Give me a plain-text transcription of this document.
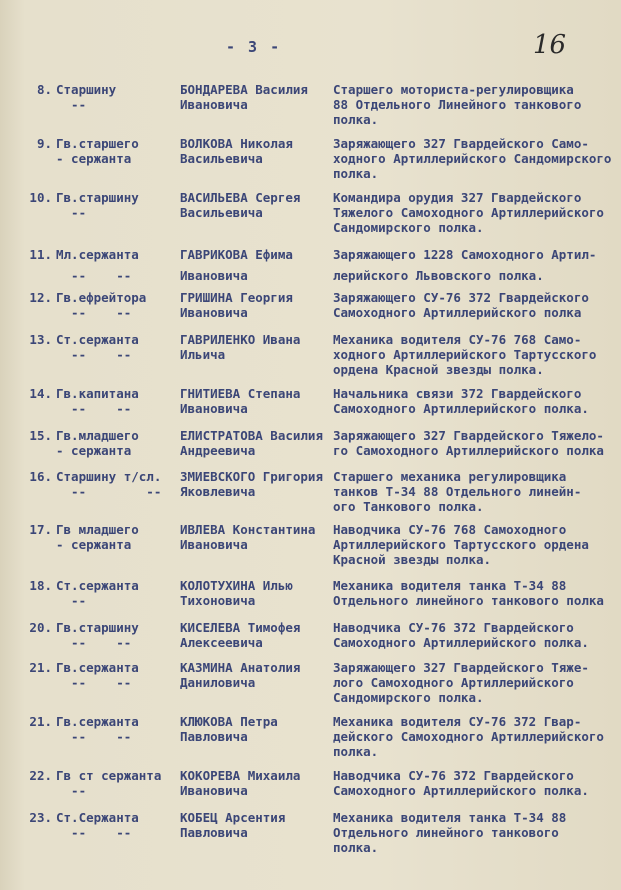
- 3 -	16
8. Старшину
--
БОНДАРЕВА Василия
Ивановича
Старшего моториста-регулировщика
88 Отдельного Линейного танкового
полка.
9. Гв.старшего
- сержанта
ВОЛКОВА Николая
Васильевича
Заряжающего 327 Гвардейского Само-
ходного Артиллерийского Сандомирского
полка.
10. Гв.старшину
--
ВАСИЛЬЕВА Сергея
Васильевича
Командира орудия 327 Гвардейского
Тяжелого Самоходного Артиллерийского
Сандомирского полка.
11. Мл.сержанта
--    --
ГАВРИКОВА Ефима
Ивановича
Заряжающего 1228 Самоходного Артил-
лерийского Львовского полка.
12. Гв.ефрейтора
--    --
ГРИШИНА Георгия
Ивановича
Заряжающего СУ-76 372 Гвардейского
Самоходного Артиллерийского полка
13. Ст.сержанта
--    --
ГАВРИЛЕНКО Ивана
Ильича
Механика водителя СУ-76 768 Само-
ходного Артиллерийского Тартусского
ордена Красной звезды полка.
14. Гв.капитана
--    --
ГНИТИЕВА Степана
Ивановича
Начальника связи 372 Гвардейского
Самоходного Артиллерийского полка.
15. Гв.младшего
- сержанта
ЕЛИСТРАТОВА Василия
Андреевича
Заряжающего 327 Гвардейского Тяжело-
го Самоходного Артиллерийского полка
16. Старшину т/сл.
--        --
ЗМИЕВСКОГО Григория
Яковлевича
Старшего механика регулировщика
танков Т-34 88 Отдельного линейн-
ого Танкового полка.
17. Гв младшего
- сержанта
ИВЛЕВА Константина
Ивановича
Наводчика СУ-76 768 Самоходного
Артиллерийского Тартусского ордена
Красной звезды полка.
18. Ст.сержанта
--
КОЛОТУХИНА Илью
Тихоновича
Механика водителя танка Т-34 88
Отдельного линейного танкового полка
20. Гв.старшину
--    --
КИСЕЛЕВА Тимофея
Алексеевича
Наводчика СУ-76 372 Гвардейского
Самоходного Артиллерийского полка.
21. Гв.сержанта
--    --
КАЗМИНА Анатолия
Даниловича
Заряжающего 327 Гвардейского Тяже-
лого Самоходного Артиллерийского
Сандомирского полка.
21. Гв.сержанта
--    --
КЛЮКОВА Петра
Павловича
Механика водителя СУ-76 372 Гвар-
дейского Самоходного Артиллерийского
полка.
22. Гв ст сержанта
--
КОКОРЕВА Михаила
Ивановича
Наводчика СУ-76 372 Гвардейского
Самоходного Артиллерийского полка.
23. Ст.Сержанта
--    --
КОБЕЦ Арсентия
Павловича
Механика водителя танка Т-34 88
Отдельного линейного танкового
полка.
